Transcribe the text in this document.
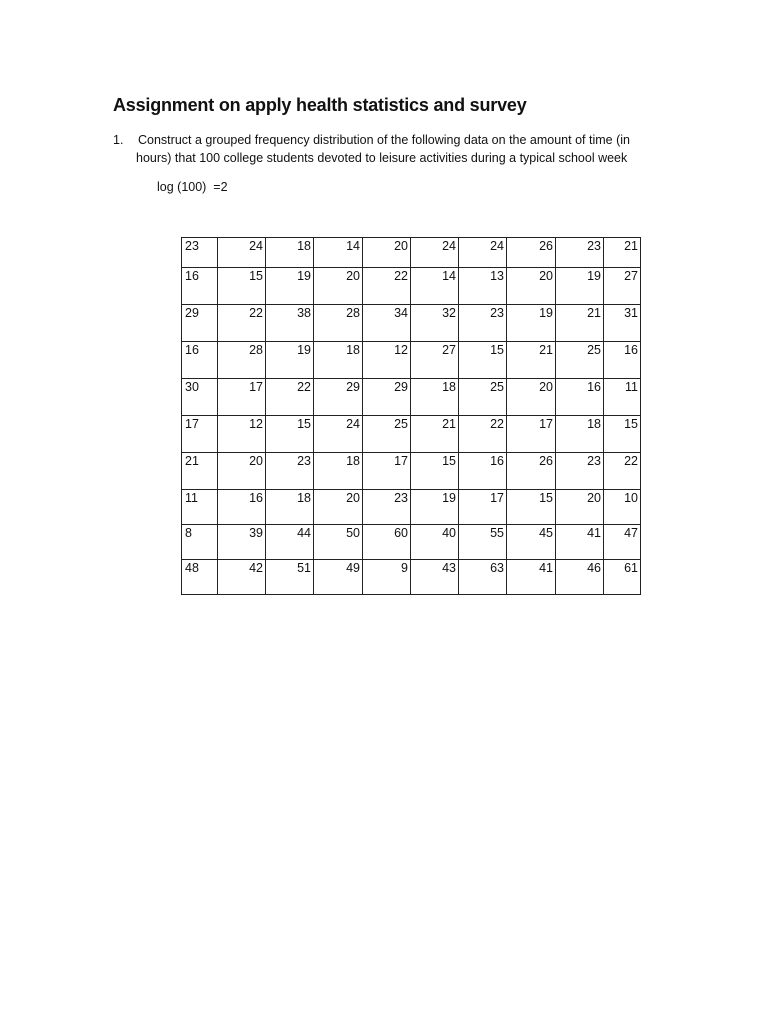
Assignment on apply health statistics and survey
1. Construct a grouped frequency distribution of the following data on the amount of time (in hours) that 100 college students devoted to leisure activities during a typical school week
log (100)  =2
23	24	18	14	20	24	24	26	23	21

16	15	19	20	22	14	13	20	19	27

29	22	38	28	34	32	23	19	21	31

16	28	19	18	12	27	15	21	25	16

30	17	22	29	29	18	25	20	16	11

17	12	15	24	25	21	22	17	18	15

21	20	23	18	17	15	16	26	23	22

11	16	18	20	23	19	17	15	20	10

8	39	44	50	60	40	55	45	41	47

48	42	51	49	9	43	63	41	46	61
